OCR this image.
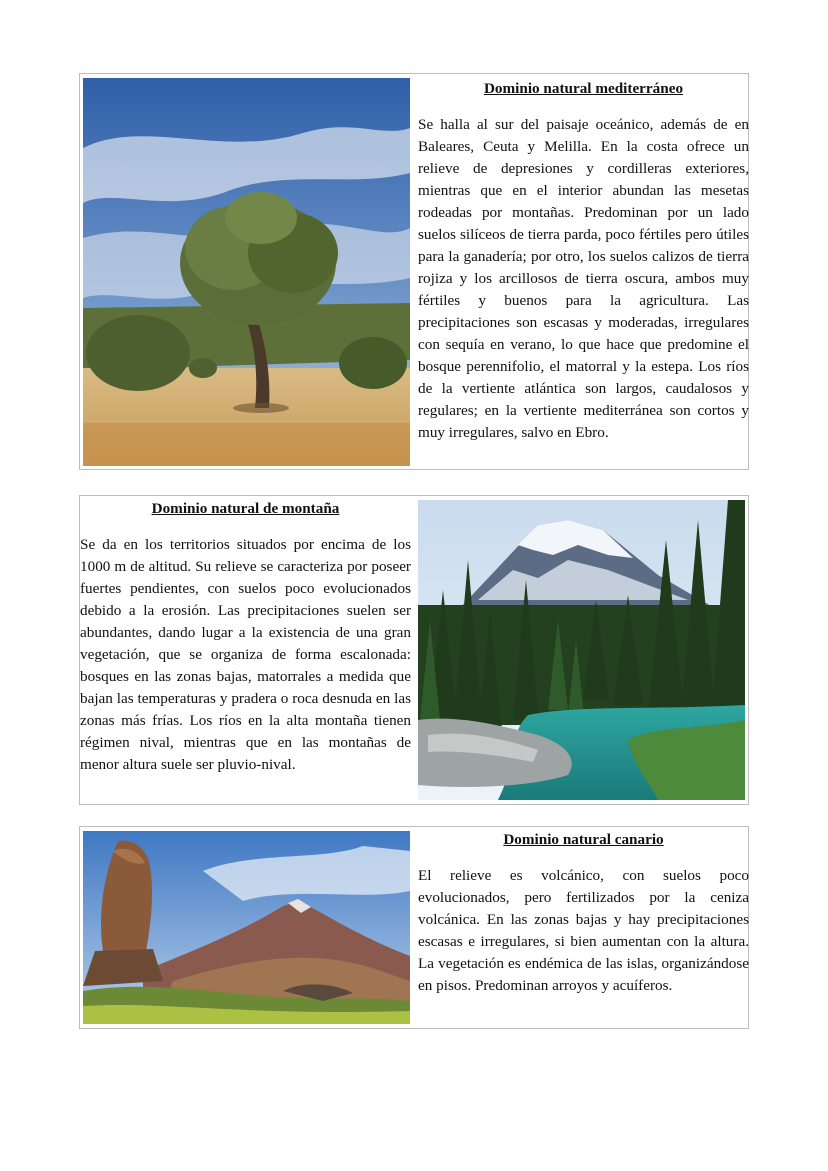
Dominio natural mediterráneo

Se halla al sur del paisaje oceánico, además de en Baleares, Ceuta y Melilla. En la costa ofrece un relieve de depresiones y cordilleras exteriores, mientras que en el interior abundan las mesetas rodeadas por montañas. Predominan por un lado suelos silíceos de tierra parda, poco fértiles pero útiles para la ganadería; por otro, los suelos calizos de tierra rojiza y los arcillosos de tierra oscura, ambos muy fértiles y buenos para la agricultura. Las precipitaciones son escasas y moderadas, irregulares con sequía en verano, lo que hace que predomine el bosque perennifolio, el matorral y la estepa. Los ríos de la vertiente atlántica son largos, caudalosos y regulares; en la vertiente mediterránea son cortos y muy irregulares, salvo en Ebro.

Dominio natural de montaña

Se da en los territorios situados por encima de los 1000 m de altitud. Su relieve se caracteriza por poseer fuertes pendientes, con suelos poco evolucionados debido a la erosión. Las precipitaciones suelen ser abundantes, dando lugar a la existencia de una gran vegetación, que se organiza de forma escalonada: bosques en las zonas bajas, matorrales a medida que bajan las temperaturas y pradera o roca desnuda en las zonas más frías. Los ríos en la alta montaña tienen régimen nival, mientras que en las montañas de menor altura suele ser pluvio-nival.

Dominio natural canario

El relieve es volcánico, con suelos poco evolucionados, pero fertilizados por la ceniza volcánica. En las zonas bajas y hay precipitaciones escasas e irregulares, si bien aumentan con la altura. La vegetación es endémica de las islas, organizándose en pisos. Predominan arroyos y acuíferos.
